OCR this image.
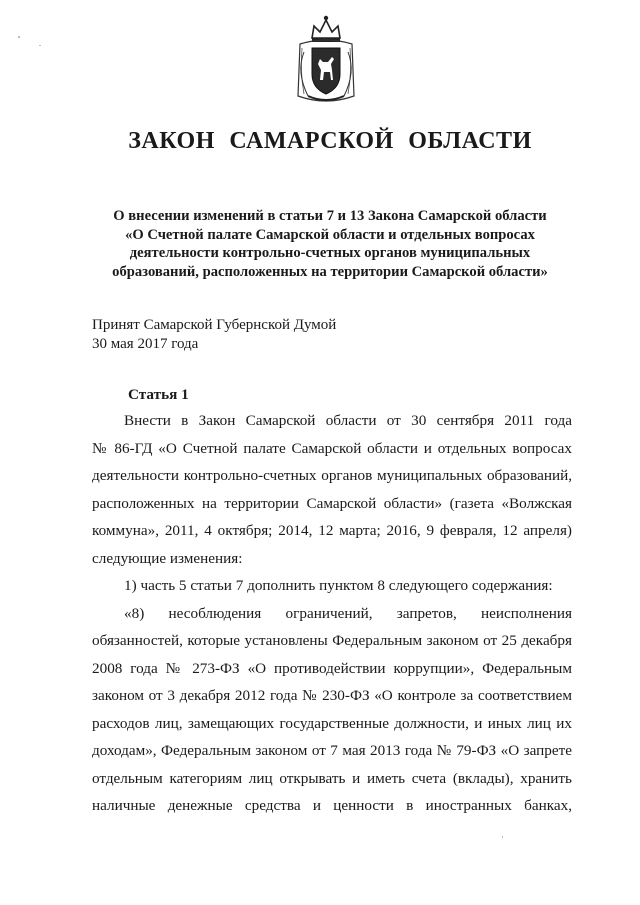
ЗАКОН САМАРСКОЙ ОБЛАСТИ
О внесении изменений в статьи 7 и 13 Закона Самарской области
«О Счетной палате Самарской области и отдельных вопросах
деятельности контрольно-счетных органов муниципальных
образований, расположенных на территории Самарской области»
Принят Самарской Губернской Думой
30 мая 2017 года
Статья 1
Внести в Закон Самарской области от 30 сентября 2011 года
№ 86-ГД «О Счетной палате Самарской области и отдельных вопросах
деятельности контрольно-счетных органов муниципальных образований,
расположенных на территории Самарской области» (газета «Волжская
коммуна», 2011, 4 октября; 2014, 12 марта; 2016, 9 февраля, 12 апреля)
следующие изменения:
1) часть 5 статьи 7 дополнить пунктом 8 следующего содержания:
«8) несоблюдения ограничений, запретов, неисполнения
обязанностей, которые установлены Федеральным законом от 25 декабря
2008 года № 273-ФЗ «О противодействии коррупции», Федеральным
законом от 3 декабря 2012 года № 230-ФЗ «О контроле за соответствием
расходов лиц, замещающих государственные должности, и иных лиц их
доходам», Федеральным законом от 7 мая 2013 года № 79-ФЗ «О запрете
отдельным категориям лиц открывать и иметь счета (вклады), хранить
наличные денежные средства и ценности в иностранных банках,
